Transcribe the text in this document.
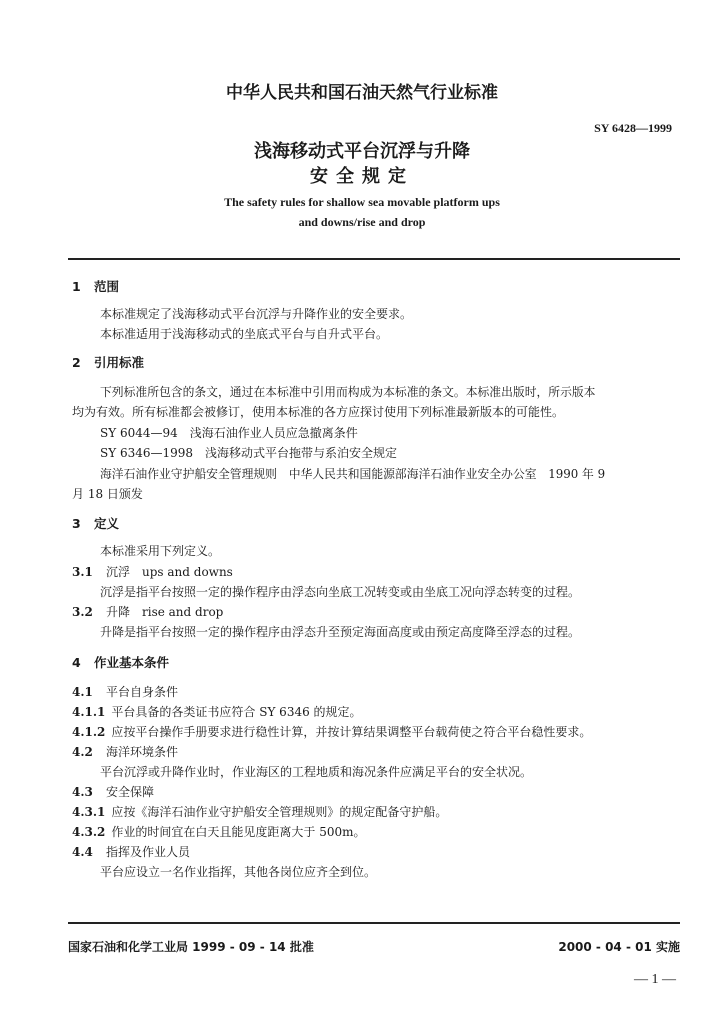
中华人民共和国石油天然气行业标准
SY 6428—1999
浅海移动式平台沉浮与升降
安全规定
The safety rules for shallow sea movable platform ups
and downs/rise and drop
1 范围
本标准规定了浅海移动式平台沉浮与升降作业的安全要求。
本标准适用于浅海移动式的坐底式平台与自升式平台。
2 引用标准
下列标准所包含的条文，通过在本标准中引用而构成为本标准的条文。本标准出版时，所示版本
均为有效。所有标准都会被修订，使用本标准的各方应探讨使用下列标准最新版本的可能性。
SY 6044—94　浅海石油作业人员应急撤离条件
SY 6346—1998　浅海移动式平台拖带与系泊安全规定
海洋石油作业守护船安全管理规则　中华人民共和国能源部海洋石油作业安全办公室　1990 年 9
月 18 日颁发
3 定义
本标准采用下列定义。
3.1 沉浮　ups and downs
沉浮是指平台按照一定的操作程序由浮态向坐底工况转变或由坐底工况向浮态转变的过程。
3.2 升降　rise and drop
升降是指平台按照一定的操作程序由浮态升至预定海面高度或由预定高度降至浮态的过程。
4 作业基本条件
4.1 平台自身条件
4.1.1 平台具备的各类证书应符合 SY 6346 的规定。
4.1.2 应按平台操作手册要求进行稳性计算，并按计算结果调整平台载荷使之符合平台稳性要求。
4.2 海洋环境条件
平台沉浮或升降作业时，作业海区的工程地质和海况条件应满足平台的安全状况。
4.3 安全保障
4.3.1 应按《海洋石油作业守护船安全管理规则》的规定配备守护船。
4.3.2 作业的时间宜在白天且能见度距离大于 500m。
4.4 指挥及作业人员
平台应设立一名作业指挥，其他各岗位应齐全到位。
国家石油和化学工业局 1999 - 09 - 14 批准	2000 - 04 - 01 实施
— 1 —
